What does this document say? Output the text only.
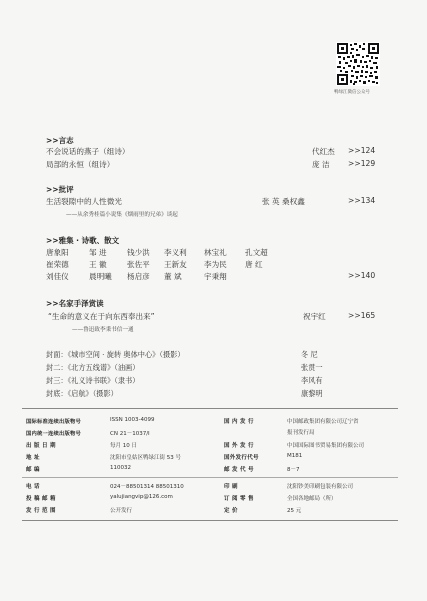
鸭绿江微信公众号
>>言志
不会说话的燕子（组诗）	代红杰 >>124
局部的永恒（组诗）	庞 洁 >>129
>>批评
生活裂隙中的人性微光	张 英 桑权鑫	>>134
——从余秀桂篇小说集《烟雨里的兄弟》谈起
>>雅集 · 诗歌、散文
唐象阳	邹 进	钱少洪 李义利 林宝礼 孔文超
崔荣德	王 徽	张佐平 王新友 李为民 唐 红
刘佳仪	晨明曦 杨启彦 董 斌	宇秉翔	>>140
>>名家手泽赏读
“生命的意义在于向东西奉出来”	祝宇红	>>165
——鲁迅致李秉书信一通
封面：《城市空间 · 旋转 奥体中心》（摄影）	冬 尼
封二：《北方五线谱》（油画）	张贯一
封三：《礼义诗书联》（隶书）	李风有
封底：《启航》（摄影）	康黎明
国际标准连续出版物号	ISSN 1003-4099
国内统一连续出版物号	CN 21－1037/I
出 版 日 期	每月 10 日
地 址	沈阳市皇姑区鸭绿江街 53 号
邮 编	110032
电 话	024－88501314 88501310
投 稿 邮 箱	yalujiangvip@126.com
发 行 范 围	公开发行
国 内 发 行	中国邮政集团有限公司辽宁省
报刊发行局
国 外 发 行	中国国际图书贸易集团有限公司
国外发行代号	M181
邮 发 代 号	8－7
印 刷	沈阳钞美印刷包装有限公司
订 阅 零 售	全国各地邮局（所）
定 价	25 元
